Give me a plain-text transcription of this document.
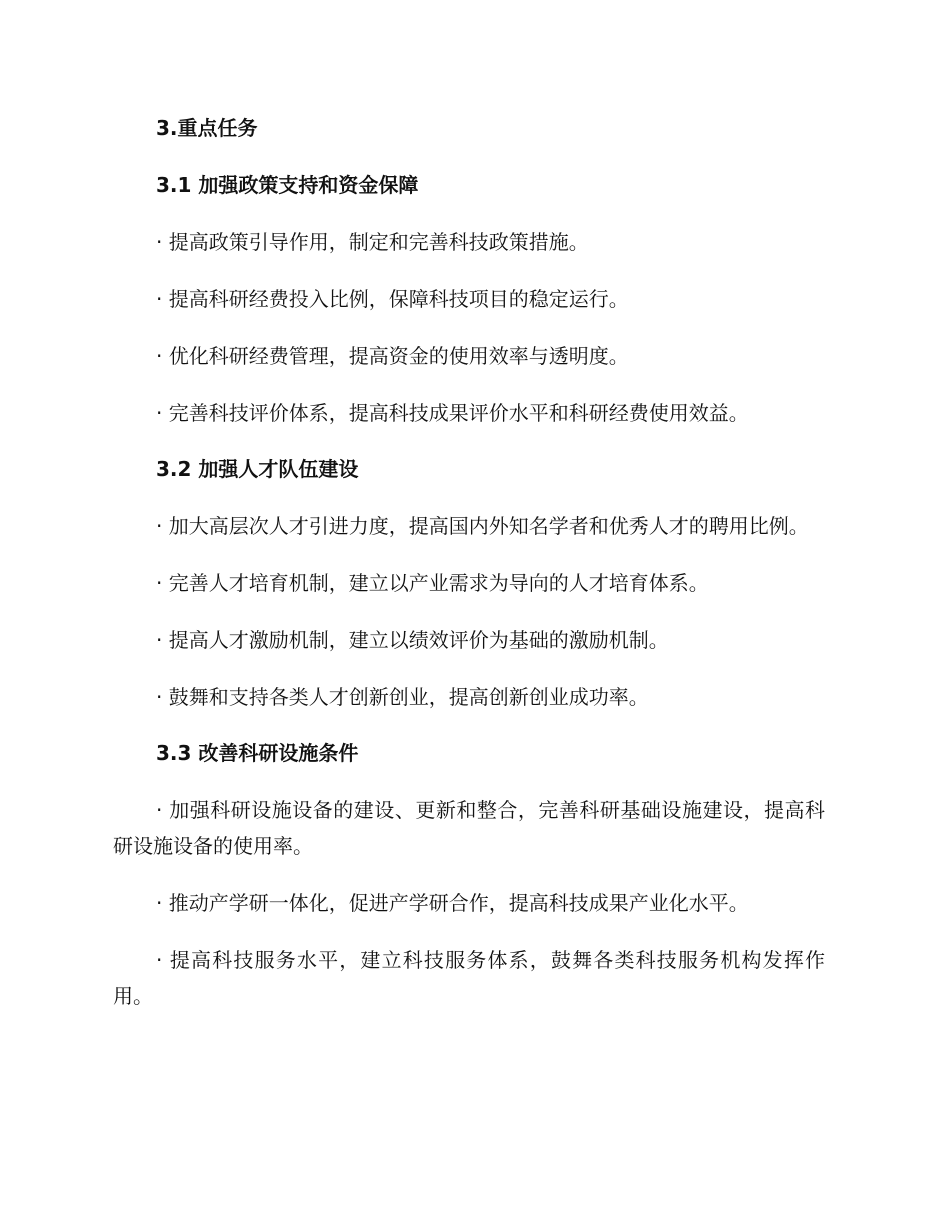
3.重点任务
3.1 加强政策支持和资金保障
· 提高政策引导作用，制定和完善科技政策措施。
· 提高科研经费投入比例，保障科技项目的稳定运行。
· 优化科研经费管理，提高资金的使用效率与透明度。
· 完善科技评价体系，提高科技成果评价水平和科研经费使用效益。
3.2 加强人才队伍建设
· 加大高层次人才引进力度，提高国内外知名学者和优秀人才的聘用比例。
· 完善人才培育机制，建立以产业需求为导向的人才培育体系。
· 提高人才激励机制，建立以绩效评价为基础的激励机制。
· 鼓舞和支持各类人才创新创业，提高创新创业成功率。
3.3 改善科研设施条件
· 加强科研设施设备的建设、更新和整合，完善科研基础设施建设，提高科研设施设备的使用率。
· 推动产学研一体化，促进产学研合作，提高科技成果产业化水平。
· 提高科技服务水平，建立科技服务体系，鼓舞各类科技服务机构发挥作用。
